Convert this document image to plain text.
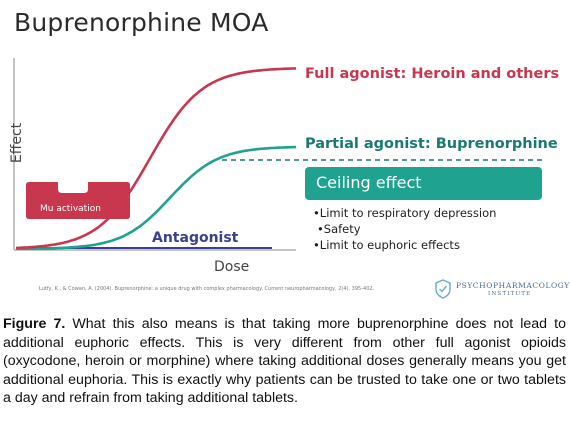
Buprenorphine MOA
Effect
Dose
Full agonist: Heroin and others
Partial agonist: Buprenorphine
Antagonist
Mu activation
Ceiling effect
•Limit to respiratory depression
•Safety
•Limit to euphoric effects
Lutfy, K., & Cowan, A. (2004). Buprenorphine: a unique drug with complex pharmacology. Current neuropharmacology, 2(4), 395-402.	PSYCHOPHARMACOLOGY
INSTITUTE
Figure 7. What this also means is that taking more buprenorphine does not lead to additional euphoric effects. This is very different from other full agonist opioids (oxycodone, heroin or morphine) where taking additional doses generally means you get additional euphoria. This is exactly why patients can be trusted to take one or two tablets a day and refrain from taking additional tablets.
